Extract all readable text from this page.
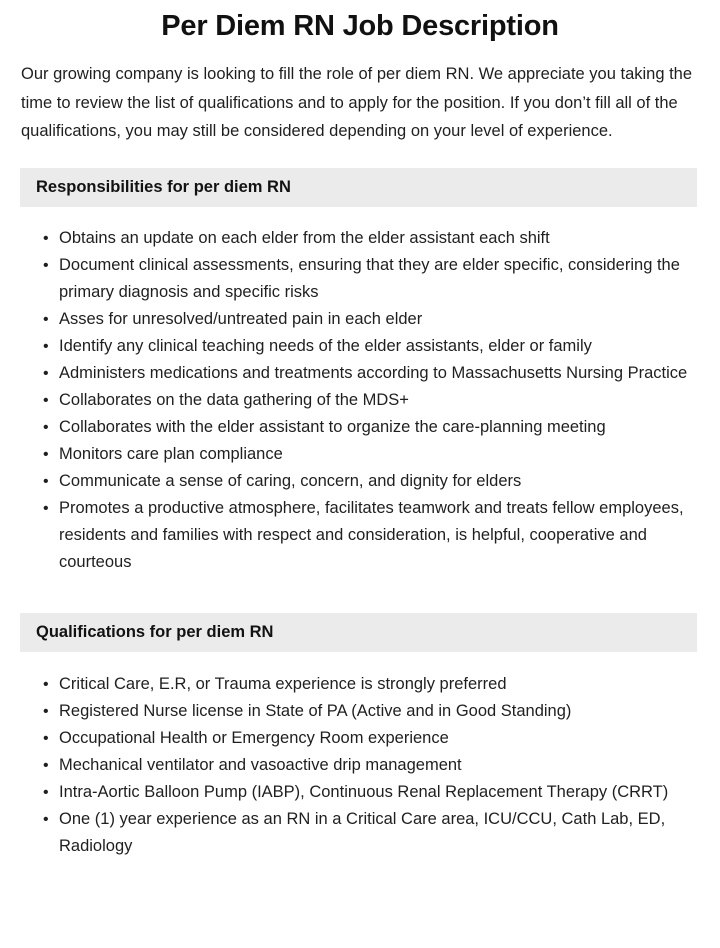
Per Diem RN Job Description

Our growing company is looking to fill the role of per diem RN. We appreciate you taking the time to review the list of qualifications and to apply for the position. If you don’t fill all of the qualifications, you may still be considered depending on your level of experience.

Responsibilities for per diem RN
• Obtains an update on each elder from the elder assistant each shift
• Document clinical assessments, ensuring that they are elder specific, considering the primary diagnosis and specific risks
• Asses for unresolved/untreated pain in each elder
• Identify any clinical teaching needs of the elder assistants, elder or family
• Administers medications and treatments according to Massachusetts Nursing Practice
• Collaborates on the data gathering of the MDS+
• Collaborates with the elder assistant to organize the care-planning meeting
• Monitors care plan compliance
• Communicate a sense of caring, concern, and dignity for elders
• Promotes a productive atmosphere, facilitates teamwork and treats fellow employees, residents and families with respect and consideration, is helpful, cooperative and courteous
Qualifications for per diem RN
• Critical Care, E.R, or Trauma experience is strongly preferred
• Registered Nurse license in State of PA (Active and in Good Standing)
• Occupational Health or Emergency Room experience
• Mechanical ventilator and vasoactive drip management
• Intra-Aortic Balloon Pump (IABP), Continuous Renal Replacement Therapy (CRRT)
• One (1) year experience as an RN in a Critical Care area, ICU/CCU, Cath Lab, ED, Radiology
